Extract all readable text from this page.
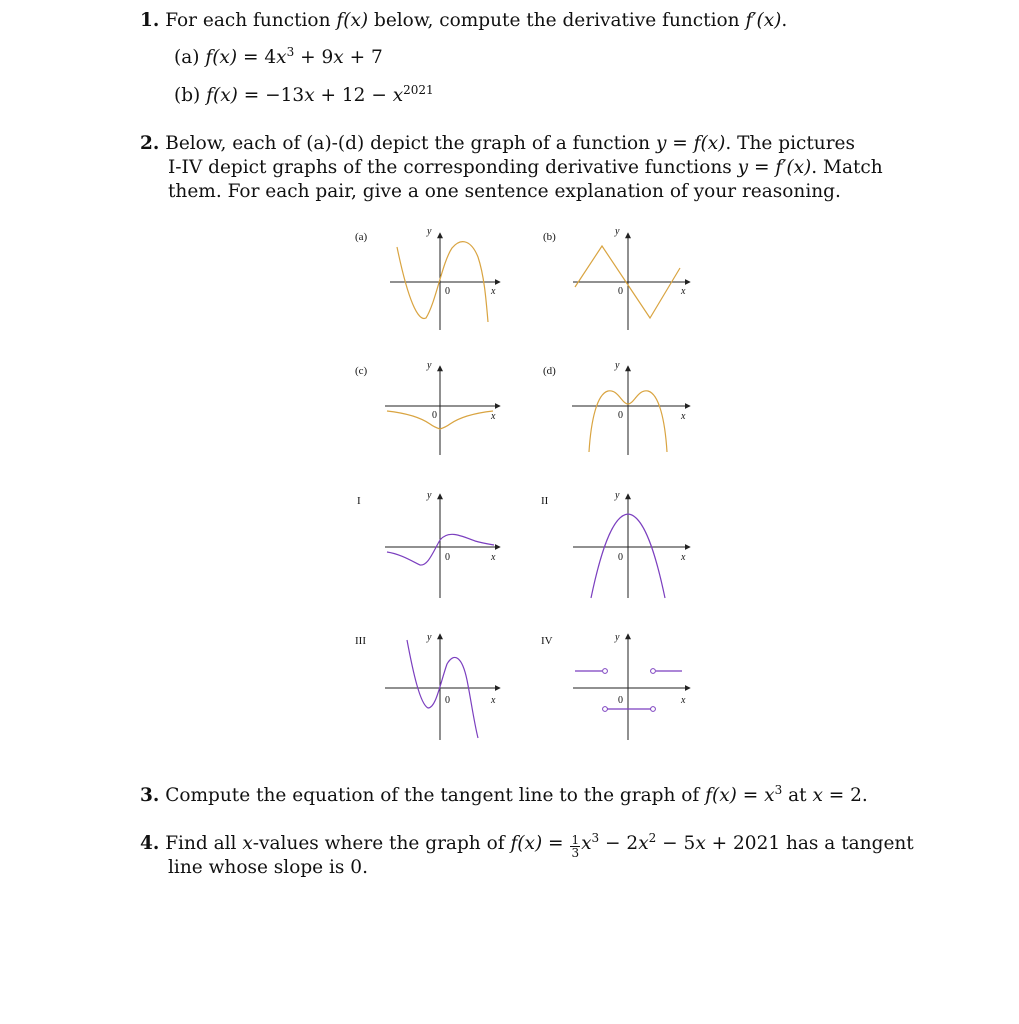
1. For each function f(x) below, compute the derivative function f′(x).
(a) $f(x) = 4x^3 + 9x + 7$
(b) $f(x) = -13x + 12 - x^{2021}$
2. Below, each of (a)-(d) depict the graph of a function y = f(x). The pictures
I-IV depict graphs of the corresponding derivative functions y = f′(x). Match
them. For each pair, give a one sentence explanation of your reasoning.
(a)	y
x
0
(b)	y
x
0
(c)	y
x
0
(d)	y
x
0
I	y
x
0
II	y
x
0
III	y
x
0
IV	y
x
0
3. Compute the equation of the tangent line to the graph of $f(x) = x^3$ at x = 2.
4. Find all x-values where the graph of $f(x) = \frac{1}{3} x^3 - 2x^2 - 5x + 2021$ has a tangent
line whose slope is 0.
